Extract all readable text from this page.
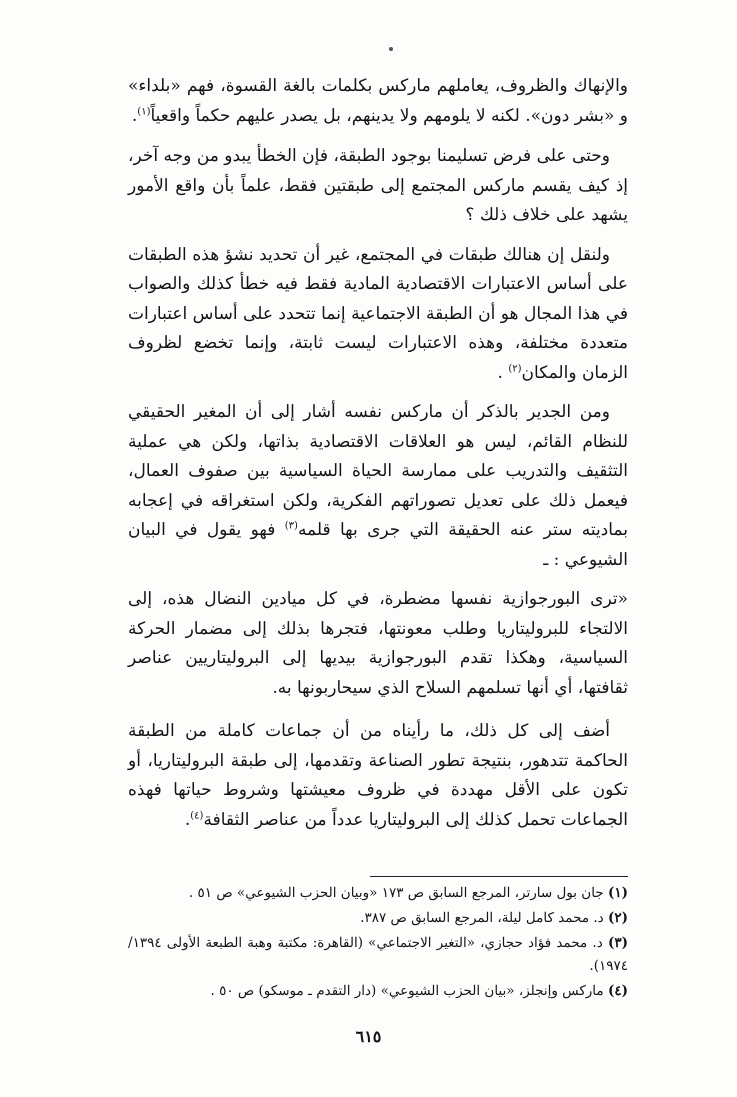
والإنهاك والظروف، يعاملهم ماركس بكلمات بالغة القسوة، فهم «بلداء» و «بشر دون». لكنه لا يلومهم ولا يدينهم، بل يصدر عليهم حكماً واقعياً$^{(١)}$.

وحتى على فرض تسليمنا بوجود الطبقة، فإن الخطأ يبدو من وجه آخر، إذ كيف يقسم ماركس المجتمع إلى طبقتين فقط، علماً بأن واقع الأمور يشهد على خلاف ذلك ؟

ولنقل إن هنالك طبقات في المجتمع، غير أن تحديد نشؤ هذه الطبقات على أساس الاعتبارات الاقتصادية المادية فقط فيه خطأ كذلك والصواب في هذا المجال هو أن الطبقة الاجتماعية إنما تتحدد على أساس اعتبارات متعددة مختلفة، وهذه الاعتبارات ليست ثابتة، وإنما تخضع لظروف الزمان والمكان$^{(٢)}$ .

ومن الجدير بالذكر أن ماركس نفسه أشار إلى أن المغير الحقيقي للنظام القائم، ليس هو العلاقات الاقتصادية بذاتها، ولكن هي عملية التثقيف والتدريب على ممارسة الحياة السياسية بين صفوف العمال، فيعمل ذلك على تعديل تصوراتهم الفكرية، ولكن استغراقه في إعجابه بماديته ستر عنه الحقيقة التي جرى بها قلمه$^{(٣)}$ فهو يقول في البيان الشيوعي : ـ

«ترى البورجوازية نفسها مضطرة، في كل ميادين النضال هذه، إلى الالتجاء للبروليتاريا وطلب معونتها، فتجرها بذلك إلى مضمار الحركة السياسية، وهكذا تقدم البورجوازية بيديها إلى البروليتاريين عناصر ثقافتها، أي أنها تسلمهم السلاح الذي سيحاربونها به.

أضف إلى كل ذلك، ما رأيناه من أن جماعات كاملة من الطبقة الحاكمة تتدهور، بنتيجة تطور الصناعة وتقدمها، إلى طبقة البروليتاريا، أو تكون على الأقل مهددة في ظروف معيشتها وشروط حياتها فهذه الجماعات تحمل كذلك إلى البروليتاريا عدداً من عناصر الثقافة$^{(٤)}$.

(١) جان بول سارتر، المرجع السابق ص ١٧٣ «وبيان الحزب الشيوعي» ص ٥١ .

(٢) د. محمد كامل ليلة، المرجع السابق ص ٣٨٧.

(٣) د. محمد فؤاد حجازي، «التغير الاجتماعي» (القاهرة: مكتبة وهبة الطبعة الأولى ١٣٩٤/ ١٩٧٤).

(٤) ماركس وإنجلز، «بيان الحزب الشيوعي» (دار التقدم ـ موسكو) ص ٥٠ .

٦١٥
